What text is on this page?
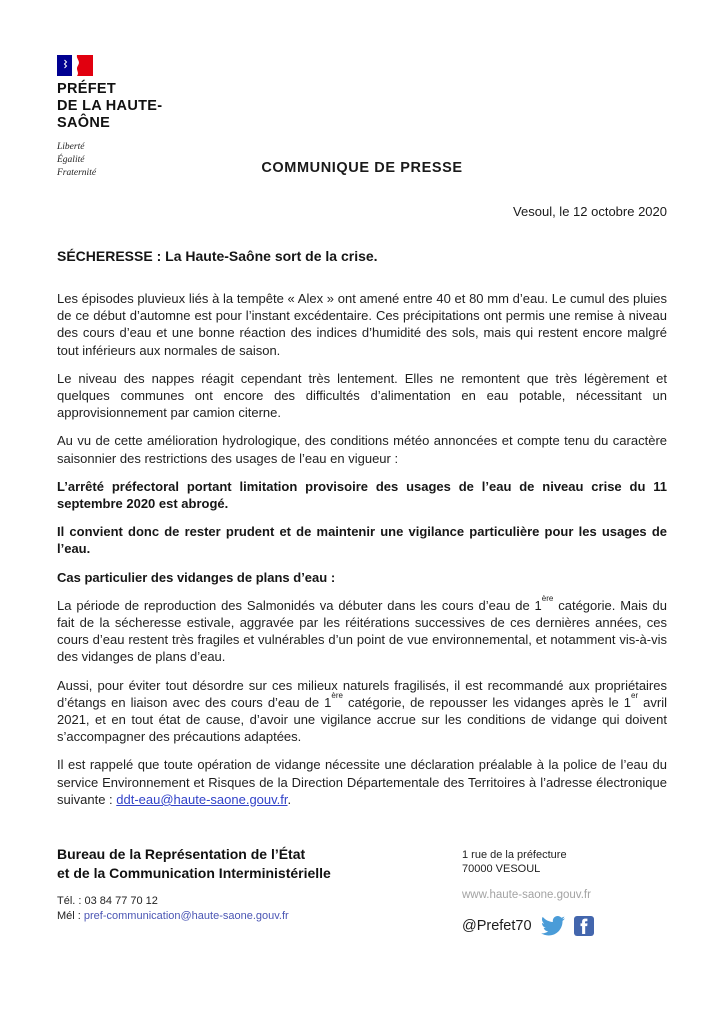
PRÉFET
DE LA HAUTE-
SAÔNE
Liberté
Égalité
Fraternité	COMMUNIQUE DE PRESSE
Vesoul, le 12 octobre 2020
SÉCHERESSE : La Haute-Saône sort de la crise.

Les épisodes pluvieux liés à la tempête « Alex » ont amené entre 40 et 80 mm d’eau. Le cumul des pluies de ce début d’automne est pour l’instant excédentaire. Ces précipitations ont permis une remise à niveau des cours d’eau et une bonne réaction des indices d’humidité des sols, mais qui restent encore malgré tout inférieurs aux normales de saison.

Le niveau des nappes réagit cependant très lentement. Elles ne remontent que très légèrement et quelques communes ont encore des difficultés d’alimentation en eau potable, nécessitant un approvisionnement par camion citerne.

Au vu de cette amélioration hydrologique, des conditions météo annoncées et compte tenu du caractère saisonnier des restrictions des usages de l’eau en vigueur :

L’arrêté préfectoral portant limitation provisoire des usages de l’eau de niveau crise du 11 septembre 2020 est abrogé.

Il convient donc de rester prudent et de maintenir une vigilance particulière pour les usages de l’eau.

Cas particulier des vidanges de plans d’eau :

La période de reproduction des Salmonidés va débuter dans les cours d’eau de 1ère catégorie. Mais du fait de la sécheresse estivale, aggravée par les réitérations successives de ces dernières années, ces cours d’eau restent très fragiles et vulnérables d’un point de vue environnemental, et notamment vis-à-vis des vidanges de plans d’eau.

Aussi, pour éviter tout désordre sur ces milieux naturels fragilisés, il est recommandé aux propriétaires d’étangs en liaison avec des cours d’eau de 1ère catégorie, de repousser les vidanges après le 1er avril 2021, et en tout état de cause, d’avoir une vigilance accrue sur les conditions de vidange qui doivent s’accompagner des précautions adaptées.

Il est rappelé que toute opération de vidange nécessite une déclaration préalable à la police de l’eau du service Environnement et Risques de la Direction Départementale des Territoires à l’adresse électronique suivante : ddt-eau@haute-saone.gouv.fr.

Bureau de la Représentation de l’État
et de la Communication Interministérielle
Tél. : 03 84 77 70 12
Mél : pref-communication@haute-saone.gouv.fr
1 rue de la préfecture
70000 VESOUL
www.haute-saone.gouv.fr
@Prefet70
